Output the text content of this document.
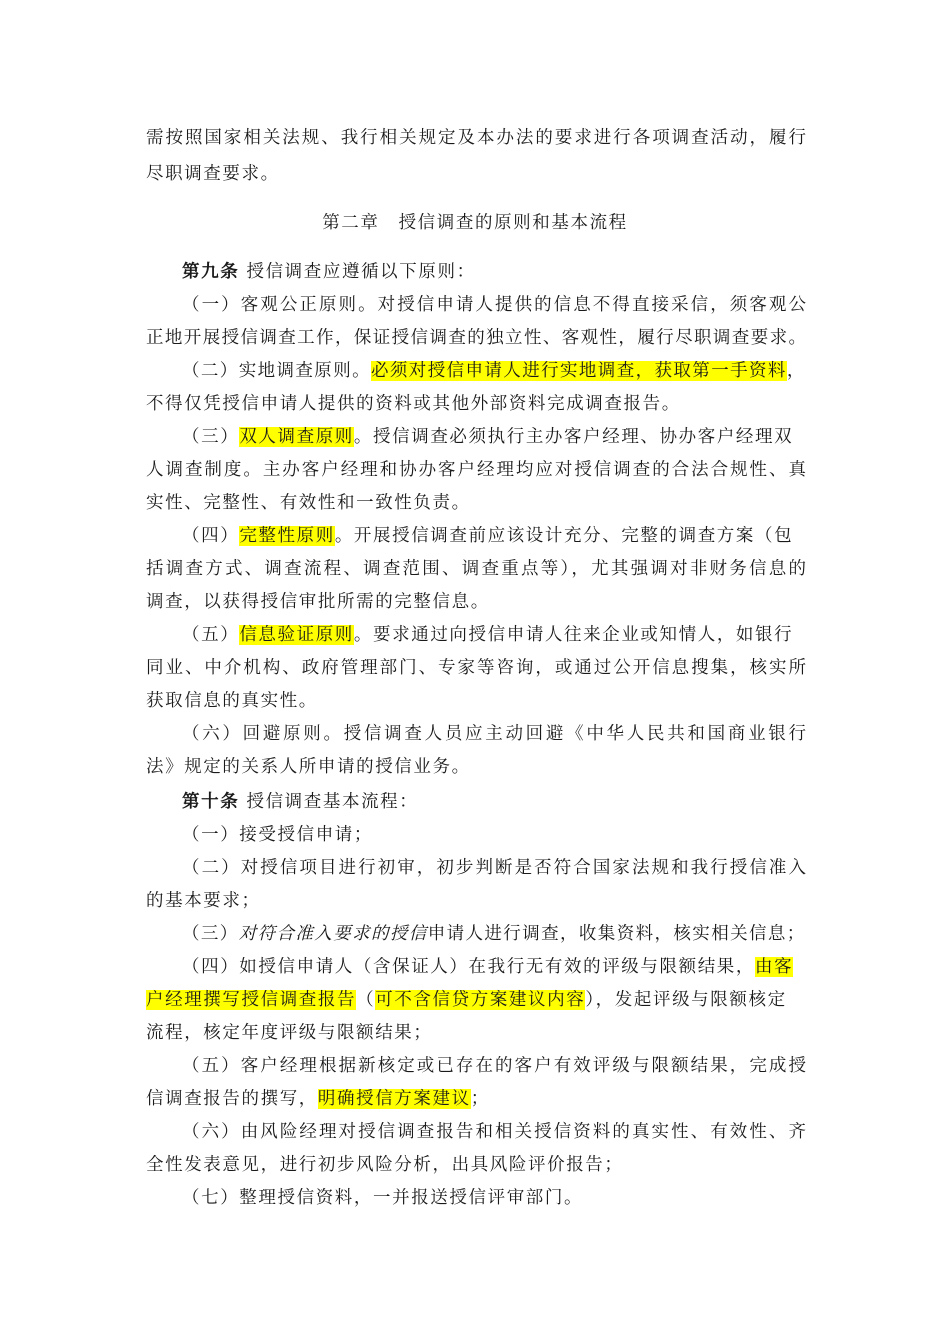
需按照国家相关法规、我行相关规定及本办法的要求进行各项调查活动，履行
尽职调查要求。
第二章　授信调查的原则和基本流程
第九条 授信调查应遵循以下原则：
（一）客观公正原则。对授信申请人提供的信息不得直接采信，须客观公
正地开展授信调查工作，保证授信调查的独立性、客观性，履行尽职调查要求。
（二）实地调查原则。必须对授信申请人进行实地调查，获取第一手资料，
不得仅凭授信申请人提供的资料或其他外部资料完成调查报告。
（三）双人调查原则。授信调查必须执行主办客户经理、协办客户经理双
人调查制度。主办客户经理和协办客户经理均应对授信调查的合法合规性、真
实性、完整性、有效性和一致性负责。
（四）完整性原则。开展授信调查前应该设计充分、完整的调查方案（包
括调查方式、调查流程、调查范围、调查重点等），尤其强调对非财务信息的
调查，以获得授信审批所需的完整信息。
（五）信息验证原则。要求通过向授信申请人往来企业或知情人，如银行
同业、中介机构、政府管理部门、专家等咨询，或通过公开信息搜集，核实所
获取信息的真实性。
（六）回避原则。授信调查人员应主动回避《中华人民共和国商业银行
法》规定的关系人所申请的授信业务。
第十条 授信调查基本流程：
（一）接受授信申请；
（二）对授信项目进行初审，初步判断是否符合国家法规和我行授信准入
的基本要求；
（三）对符合准入要求的授信申请人进行调查，收集资料，核实相关信息；
（四）如授信申请人（含保证人）在我行无有效的评级与限额结果，由客
户经理撰写授信调查报告（可不含信贷方案建议内容），发起评级与限额核定
流程，核定年度评级与限额结果；
（五）客户经理根据新核定或已存在的客户有效评级与限额结果，完成授
信调查报告的撰写，明确授信方案建议；
（六）由风险经理对授信调查报告和相关授信资料的真实性、有效性、齐
全性发表意见，进行初步风险分析，出具风险评价报告；
（七）整理授信资料，一并报送授信评审部门。
